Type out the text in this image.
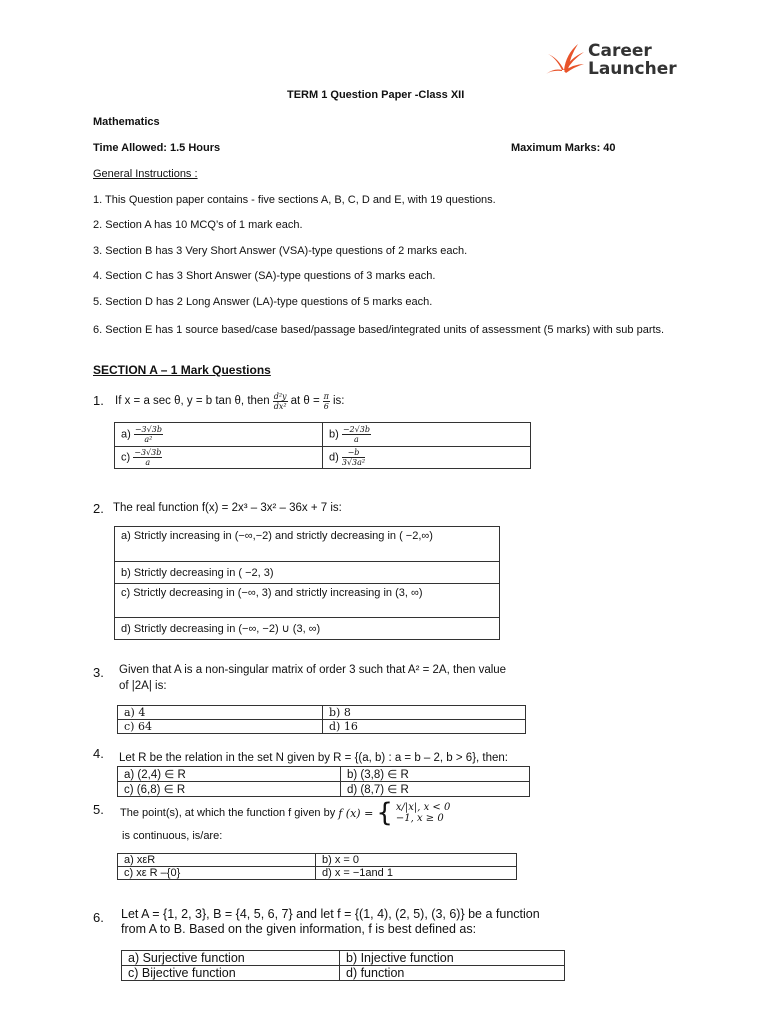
Career
Launcher
TERM 1 Question Paper -Class XII
Mathematics
Time Allowed: 1.5 Hours	Maximum Marks: 40
General Instructions :
1. This Question paper contains - five sections A, B, C, D and E, with 19 questions.
2. Section A has 10 MCQ’s of 1 mark each.
3. Section B has 3 Very Short Answer (VSA)-type questions of 2 marks each.
4. Section C has 3 Short Answer (SA)-type questions of 3 marks each.
5. Section D has 2 Long Answer (LA)-type questions of 5 marks each.
6. Section E has 1 source based/case based/passage based/integrated units of assessment (5 marks) with sub parts.
SECTION A – 1 Mark Questions
1. If x = a sec θ, y = b tan θ, then $\frac{\text{d²y}}{\text{dx²}}$ at $\theta = \frac{\pi}{6}$ is:
$a) \frac{-3√3b}{\text{a²}}$	$b) \frac{-2√3b}{a}$

$c) \frac{-3√3b}{a}$	$d) \frac{-b}{\text{3√3a²}}$
2. The real function f(x) = 2x³ – 3x² – 36x + 7 is:
a) Strictly increasing in (−∞,−2) and strictly decreasing in ( −2,∞)
b) Strictly decreasing in ( −2, 3)
c) Strictly decreasing in (−∞, 3) and strictly increasing in (3, ∞)
d) Strictly decreasing in (−∞, −2) ∪ (3, ∞)
3. Given that A is a non-singular matrix of order 3 such that A² = 2A, then value
of |2A| is:
a) 4	b) 8
c) 64	d) 16
4. Let R be the relation in the set N given by R = {(a, b) : a = b – 2, b > 6}, then:
a) (2,4) ∈ R	b) (3,8) ∈ R
c) (6,8) ∈ R	d) (8,7) ∈ R
5. The point(s), at which the function f given by f (x) = { x/|x|, x < 0
−1, x ≥ 0
is continuous, is/are:
a) xεR	b) x = 0
c) xε R –{0}	d) x = −1and 1
6. Let A = {1, 2, 3}, B = {4, 5, 6, 7} and let f = {(1, 4), (2, 5), (3, 6)} be a function
from A to B. Based on the given information, f is best defined as:
a) Surjective function	b) Injective function
c) Bijective function	d) function
